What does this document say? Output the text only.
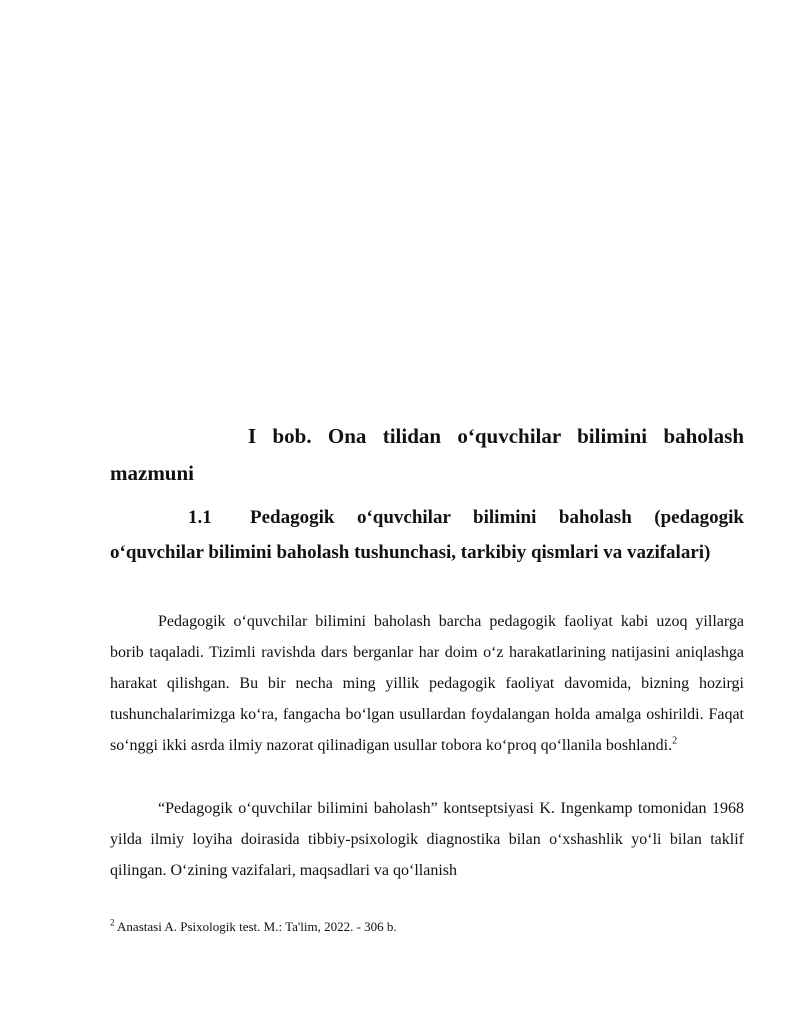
I bob. Ona tilidan o‘quvchilar bilimini baholash mazmuni
1.1 Pedagogik o‘quvchilar bilimini baholash (pedagogik o‘quvchilar bilimini baholash tushunchasi, tarkibiy qismlari va vazifalari)

Pedagogik o‘quvchilar bilimini baholash barcha pedagogik faoliyat kabi uzoq yillarga borib taqaladi. Tizimli ravishda dars berganlar har doim o‘z harakatlarining natijasini aniqlashga harakat qilishgan. Bu bir necha ming yillik pedagogik faoliyat davomida, bizning hozirgi tushunchalarimizga ko‘ra, fangacha bo‘lgan usullardan foydalangan holda amalga oshirildi. Faqat so‘nggi ikki asrda ilmiy nazorat qilinadigan usullar tobora ko‘proq qo‘llanila boshlandi.$^2$

“Pedagogik o‘quvchilar bilimini baholash” kontseptsiyasi K. Ingenkamp tomonidan 1968 yilda ilmiy loyiha doirasida tibbiy-psixologik diagnostika bilan o‘xshashlik yo‘li bilan taklif qilingan. O‘zining vazifalari, maqsadlari va qo‘llanish

$^2$ Anastasi A. Psixologik test. M.: Ta'lim, 2022. - 306 b.
